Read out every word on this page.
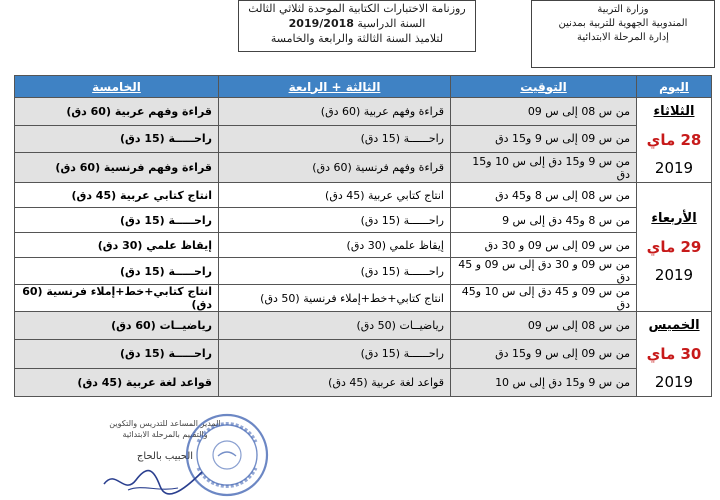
وزارة التربية
المندوبية الجهوية للتربية بمدنين
إدارة المرحلة الابتدائية
روزنامة الاختبارات الكتابية الموحدة لثلاثي الثالث
السنة الدراسية 2019/2018
لتلاميذ السنة الثالثة والرابعة والخامسة
اليوم	التوقيت	الثالثة + الرابعة	الخامسة

الثلاثاء
28 ماي
2019	من س 08 إلى س 09	قراءة وفهم عربية (60 دق)	قراءة وفهم عربية (60 دق)
	من س 09 إلى س 9 و15 دق	راحــــــة (15 دق)	راحـــــة (15 دق)
	من س 9 و15 دق إلى س 10 و15 دق	قراءة وفهم فرنسية (60 دق)	قراءة وفهم فرنسية (60 دق)

الأربعاء
29 ماي
2019	من س 08 إلى س 8 و45 دق	انتاج كتابي عربية (45 دق)	انتاج كتابي عربية (45 دق)
	من س 8 و45 دق إلى س 9	راحــــــة (15 دق)	راحـــــة (15 دق)
	من س 09 إلى س 09 و 30 دق	إيقاظ علمي (30 دق)	إيقاظ علمي (30 دق)
	من س 09 و 30 دق إلى س 09 و 45 دق	راحــــــة (15 دق)	راحـــــة (15 دق)
	من س 09 و 45 دق إلى س 10 و45 دق	انتاج كتابي+خط+إملاء فرنسية (50 دق)	انتاج كتابي+خط+إملاء فرنسية (60 دق)

الخميس
30 ماي
2019	من س 08 إلى س 09	رياضيــات (50 دق)	رياضيــات (60 دق)
	من س 09 إلى س 9 و15 دق	راحــــــة (15 دق)	راحـــــة (15 دق)
	من س 9 و15 دق إلى س 10	قواعد لغة عربية (45 دق)	قواعد لغة عربية (45 دق)
المدير المساعد للتدريس والتكوين
والتقييم بالمرحلة الابتدائية
الحبيب بالحاج
